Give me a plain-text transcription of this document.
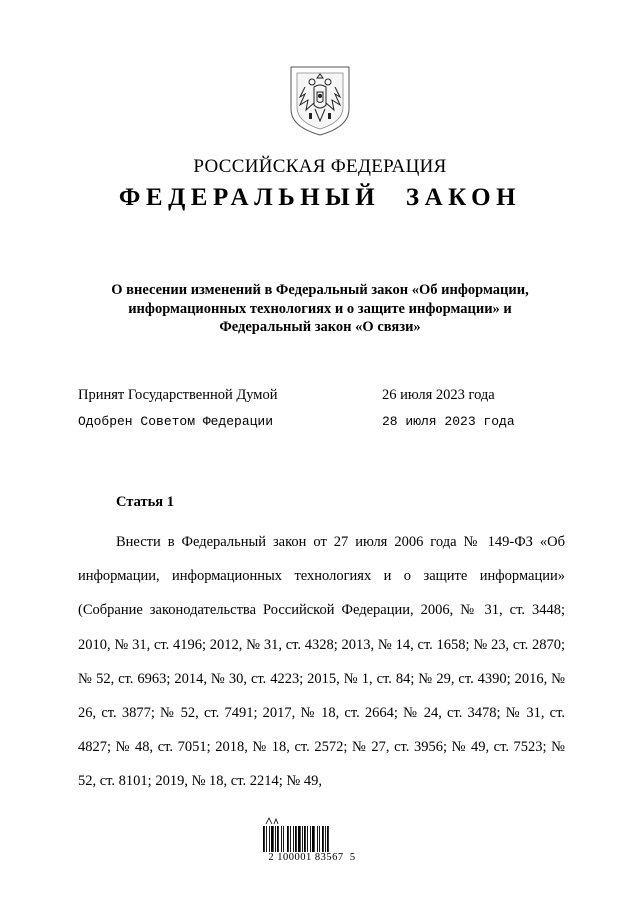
РОССИЙСКАЯ ФЕДЕРАЦИЯ
ФЕДЕРАЛЬНЫЙ ЗАКОН
О внесении изменений в Федеральный закон «Об информации, информационных технологиях и о защите информации» и Федеральный закон «О связи»
Принят Государственной Думой	26 июля 2023 года
Одобрен Советом Федерации	28 июля 2023 года
Статья 1
Внести в Федеральный закон от 27 июля 2006 года № 149-ФЗ «Об информации, информационных технологиях и о защите информации» (Собрание законодательства Российской Федерации, 2006, № 31, ст. 3448; 2010, № 31, ст. 4196; 2012, № 31, ст. 4328; 2013, № 14, ст. 1658; № 23, ст. 2870; № 52, ст. 6963; 2014, № 30, ст. 4223; 2015, № 1, ст. 84; № 29, ст. 4390; 2016, № 26, ст. 3877; № 52, ст. 7491; 2017, № 18, ст. 2664; № 24, ст. 3478; № 31, ст. 4827; № 48, ст. 7051; 2018, № 18, ст. 2572; № 27, ст. 3956; № 49, ст. 7523; № 52, ст. 8101; 2019, № 18, ст. 2214; № 49,
2 100001 83567  5
